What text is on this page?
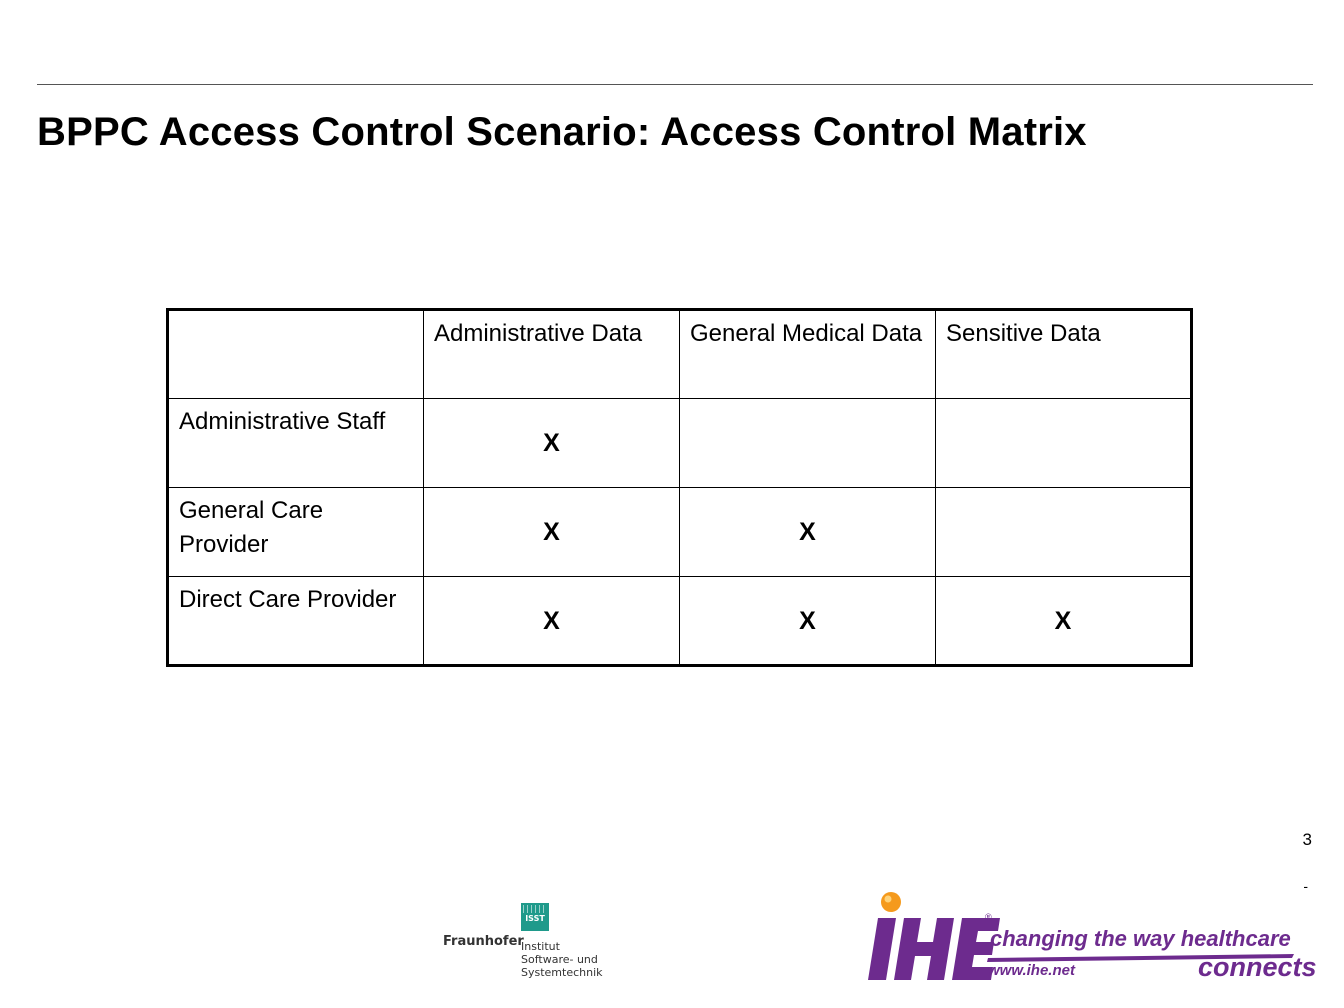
BPPC Access Control Scenario: Access Control Matrix
	Administrative Data	General Medical Data	Sensitive Data
Administrative Staff	X		
General Care Provider	X	X	
Direct Care Provider	X	X	X
3
-
Fraunhofer
ISST
Institut
Software- und
Systemtechnik
®
changing the way healthcare
www.ihe.net	connects
